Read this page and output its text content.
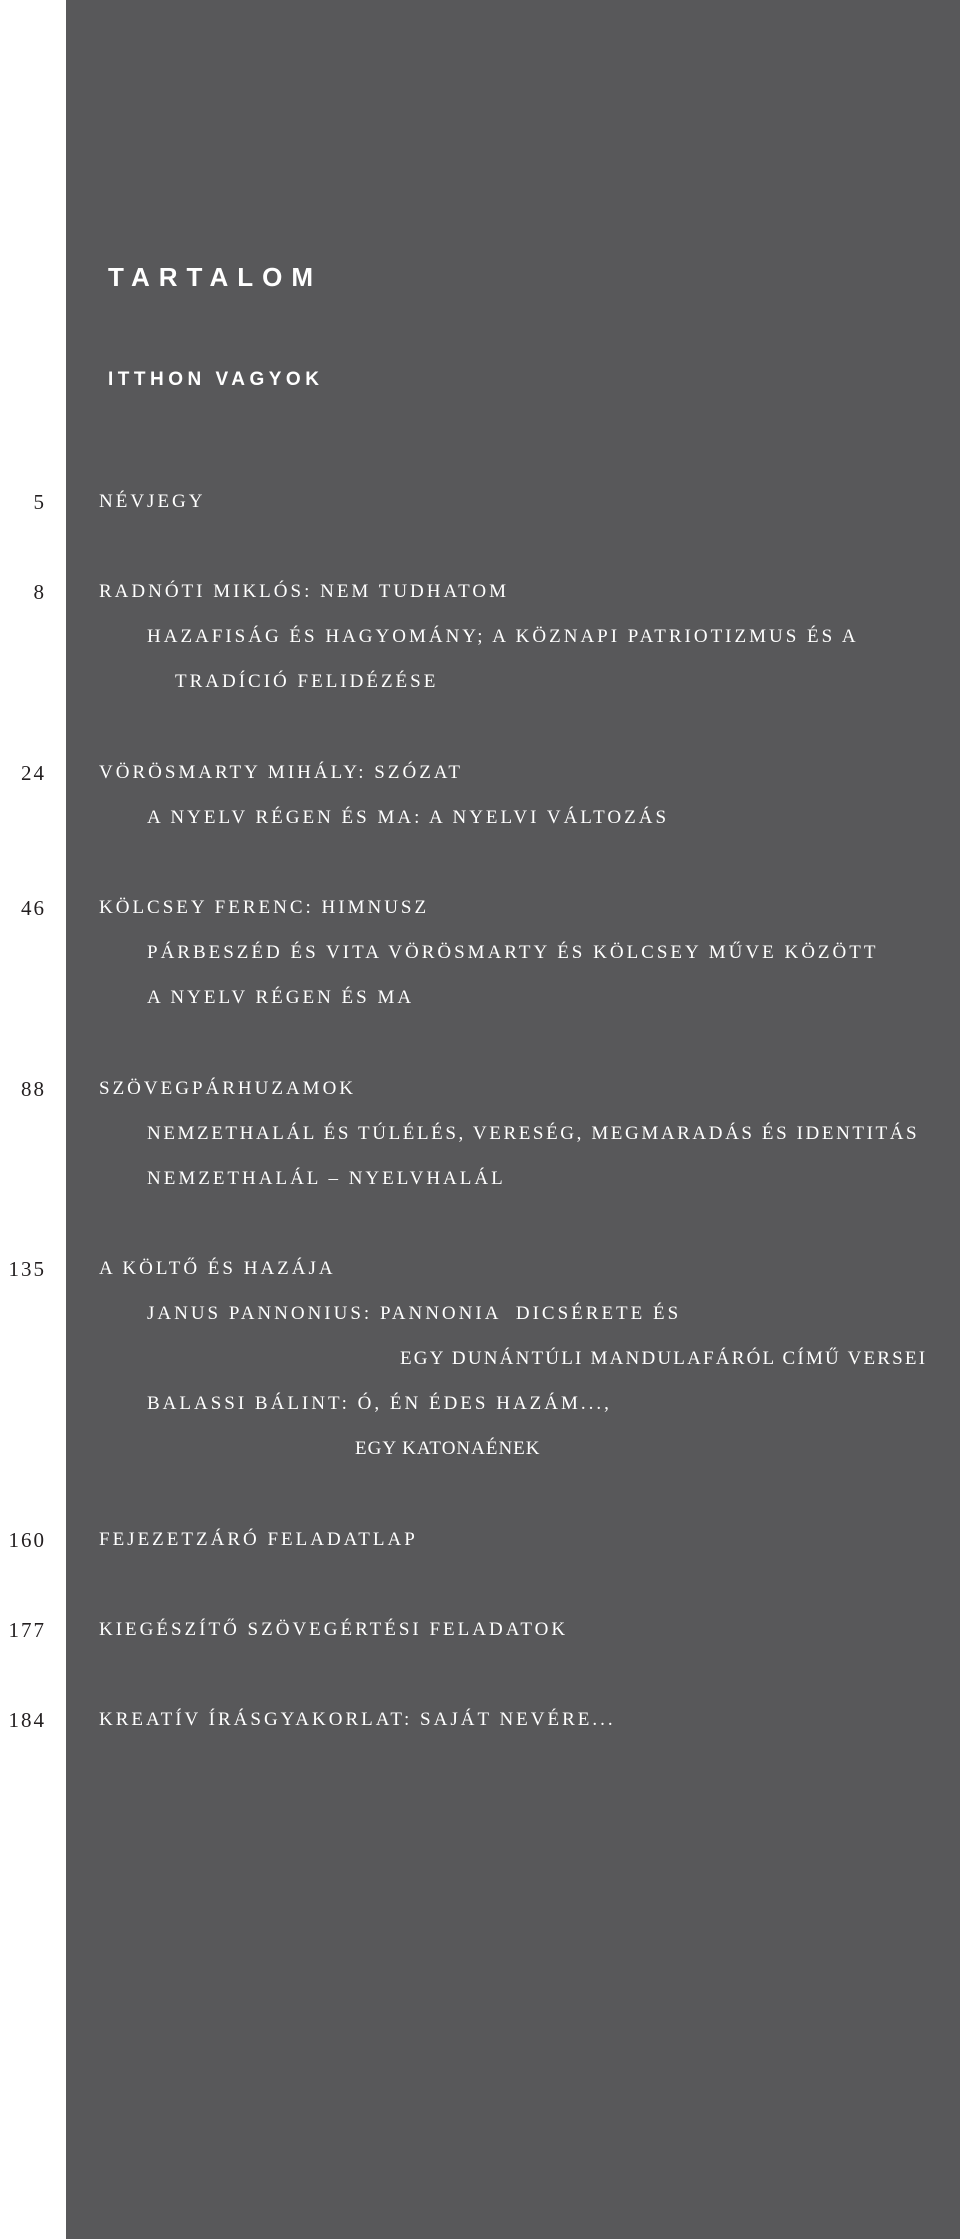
TARTALOM
ITTHON VAGYOK
5	NÉVJEGY
8	RADNÓTI MIKLÓS: NEM TUDHATOM
HAZAFISÁG ÉS HAGYOMÁNY; A KÖZNAPI PATRIOTIZMUS ÉS A
TRADÍCIÓ FELIDÉZÉSE
24	VÖRÖSMARTY MIHÁLY: SZÓZAT
A NYELV RÉGEN ÉS MA: A NYELVI VÁLTOZÁS
46	KÖLCSEY FERENC: HIMNUSZ
PÁRBESZÉD ÉS VITA VÖRÖSMARTY ÉS KÖLCSEY MŰVE KÖZÖTT
A NYELV RÉGEN ÉS MA
88	SZÖVEGPÁRHUZAMOK
NEMZETHALÁL ÉS TÚLÉLÉS, VERESÉG, MEGMARADÁS ÉS IDENTITÁS
NEMZETHALÁL – NYELVHALÁL
135	A KÖLTŐ ÉS HAZÁJA
JANUS PANNONIUS: PANNONIA  DICSÉRETE ÉS
EGY DUNÁNTÚLI MANDULAFÁRÓL CÍMŰ VERSEI
BALASSI BÁLINT: Ó, ÉN ÉDES HAZÁM...,
EGY KATONAÉNEK
160	FEJEZETZÁRÓ FELADATLAP
177	KIEGÉSZÍTŐ SZÖVEGÉRTÉSI FELADATOK
184	KREATÍV ÍRÁSGYAKORLAT: SAJÁT NEVÉRE...
